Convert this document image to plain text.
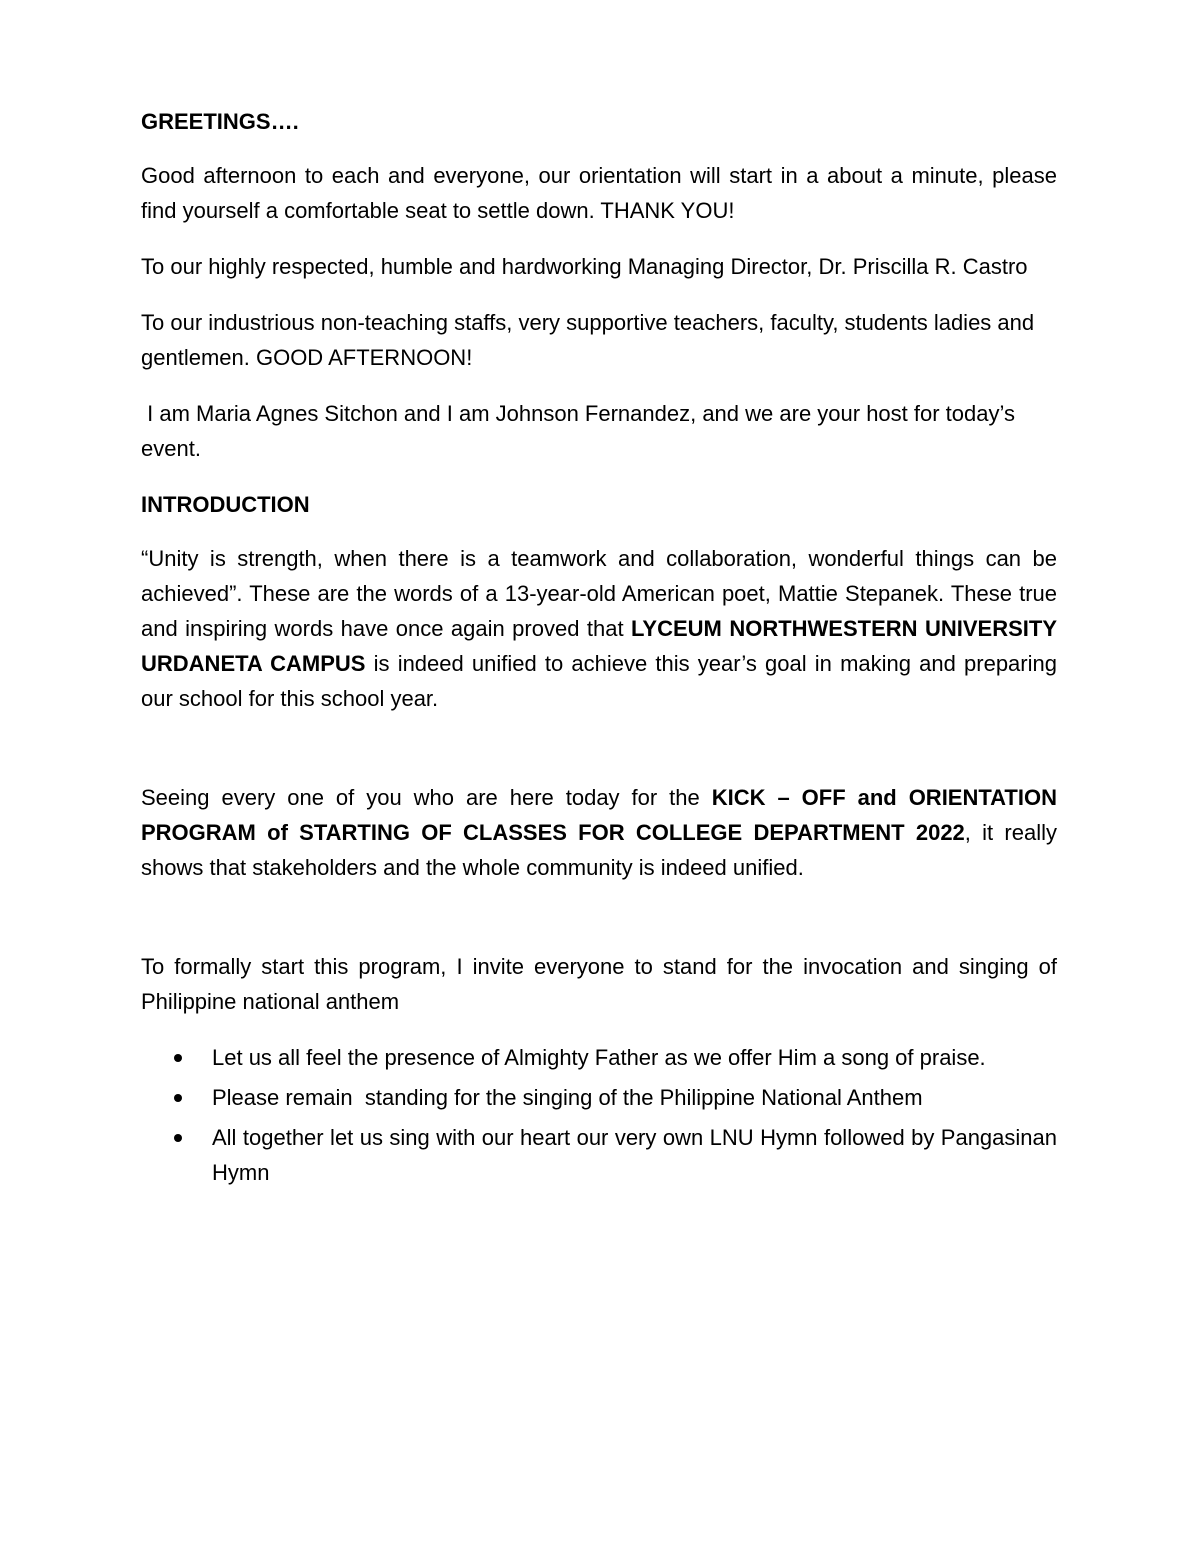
GREETINGS….
Good afternoon to each and everyone, our orientation will start in a about a minute, please find yourself a comfortable seat to settle down. THANK YOU!
To our highly respected, humble and hardworking Managing Director, Dr. Priscilla R. Castro
To our industrious non-teaching staffs, very supportive teachers, faculty, students ladies and gentlemen. GOOD AFTERNOON!
I am Maria Agnes Sitchon and I am Johnson Fernandez, and we are your host for today’s event.
INTRODUCTION
“Unity is strength, when there is a teamwork and collaboration, wonderful things can be achieved”. These are the words of a 13-year-old American poet, Mattie Stepanek. These true and inspiring words have once again proved that LYCEUM NORTHWESTERN UNIVERSITY URDANETA CAMPUS is indeed unified to achieve this year’s goal in making and preparing our school for this school year.
Seeing every one of you who are here today for the KICK – OFF and ORIENTATION PROGRAM of STARTING OF CLASSES FOR COLLEGE DEPARTMENT 2022, it really shows that stakeholders and the whole community is indeed unified.
To formally start this program, I invite everyone to stand for the invocation and singing of Philippine national anthem
Let us all feel the presence of Almighty Father as we offer Him a song of praise.
Please remain  standing for the singing of the Philippine National Anthem
All together let us sing with our heart our very own LNU Hymn followed by Pangasinan Hymn
